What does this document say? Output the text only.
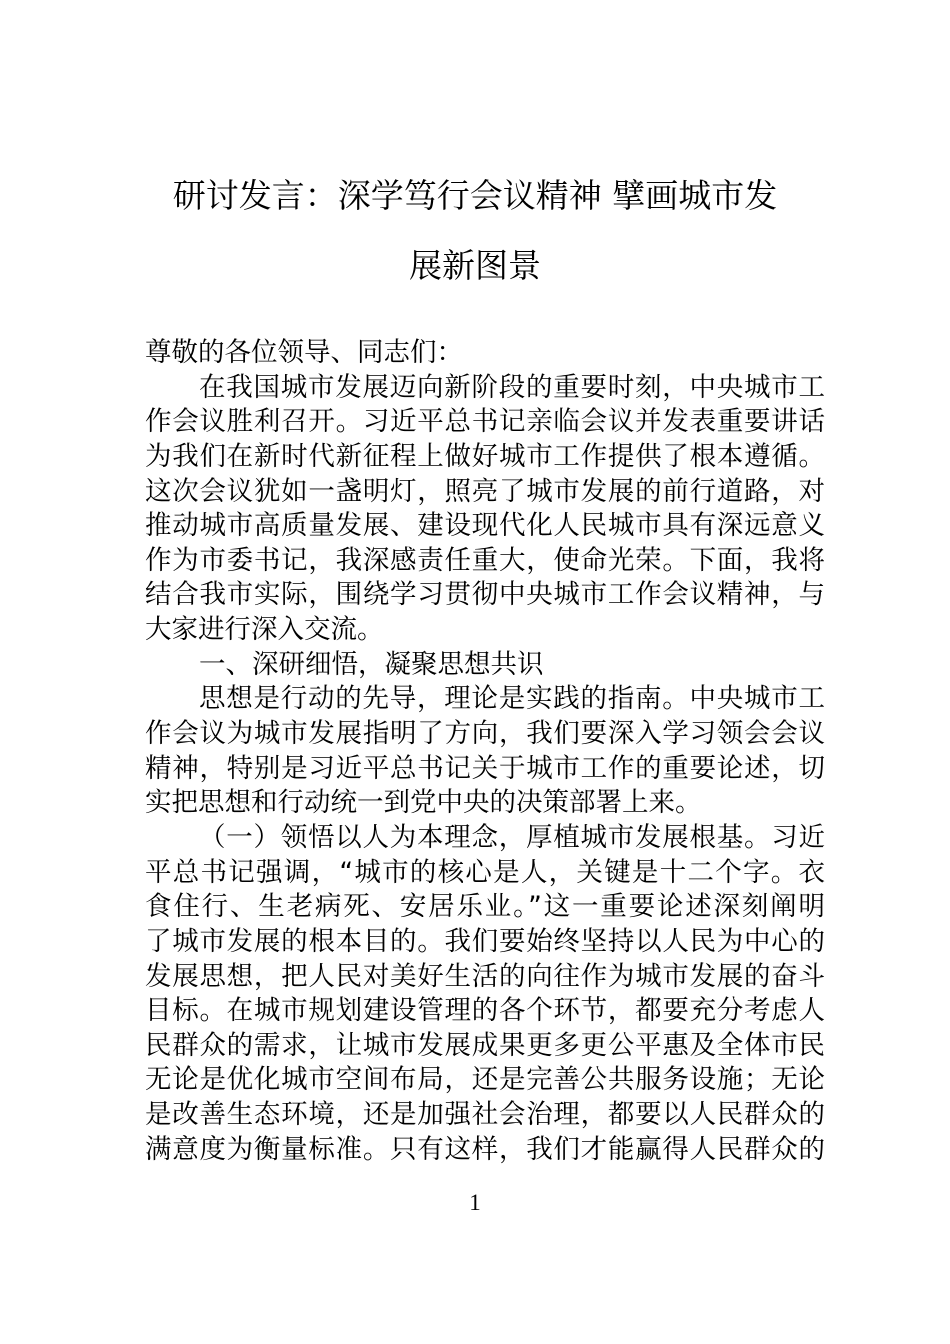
研讨发言：深学笃行会议精神 擘画城市发
展新图景
尊敬的各位领导、同志们：
在我国城市发展迈向新阶段的重要时刻，中央城市工
作会议胜利召开。习近平总书记亲临会议并发表重要讲话
为我们在新时代新征程上做好城市工作提供了根本遵循。
这次会议犹如一盏明灯，照亮了城市发展的前行道路，对
推动城市高质量发展、建设现代化人民城市具有深远意义
作为市委书记，我深感责任重大，使命光荣。下面，我将
结合我市实际，围绕学习贯彻中央城市工作会议精神，与
大家进行深入交流。
一、深研细悟，凝聚思想共识
思想是行动的先导，理论是实践的指南。中央城市工
作会议为城市发展指明了方向，我们要深入学习领会会议
精神，特别是习近平总书记关于城市工作的重要论述，切
实把思想和行动统一到党中央的决策部署上来。
（一）领悟以人为本理念，厚植城市发展根基。习近
平总书记强调，“城市的核心是人，关键是十二个字。衣
食住行、生老病死、安居乐业。”这一重要论述深刻阐明
了城市发展的根本目的。我们要始终坚持以人民为中心的
发展思想，把人民对美好生活的向往作为城市发展的奋斗
目标。在城市规划建设管理的各个环节，都要充分考虑人
民群众的需求，让城市发展成果更多更公平惠及全体市民
无论是优化城市空间布局，还是完善公共服务设施；无论
是改善生态环境，还是加强社会治理，都要以人民群众的
满意度为衡量标准。只有这样，我们才能赢得人民群众的
1
